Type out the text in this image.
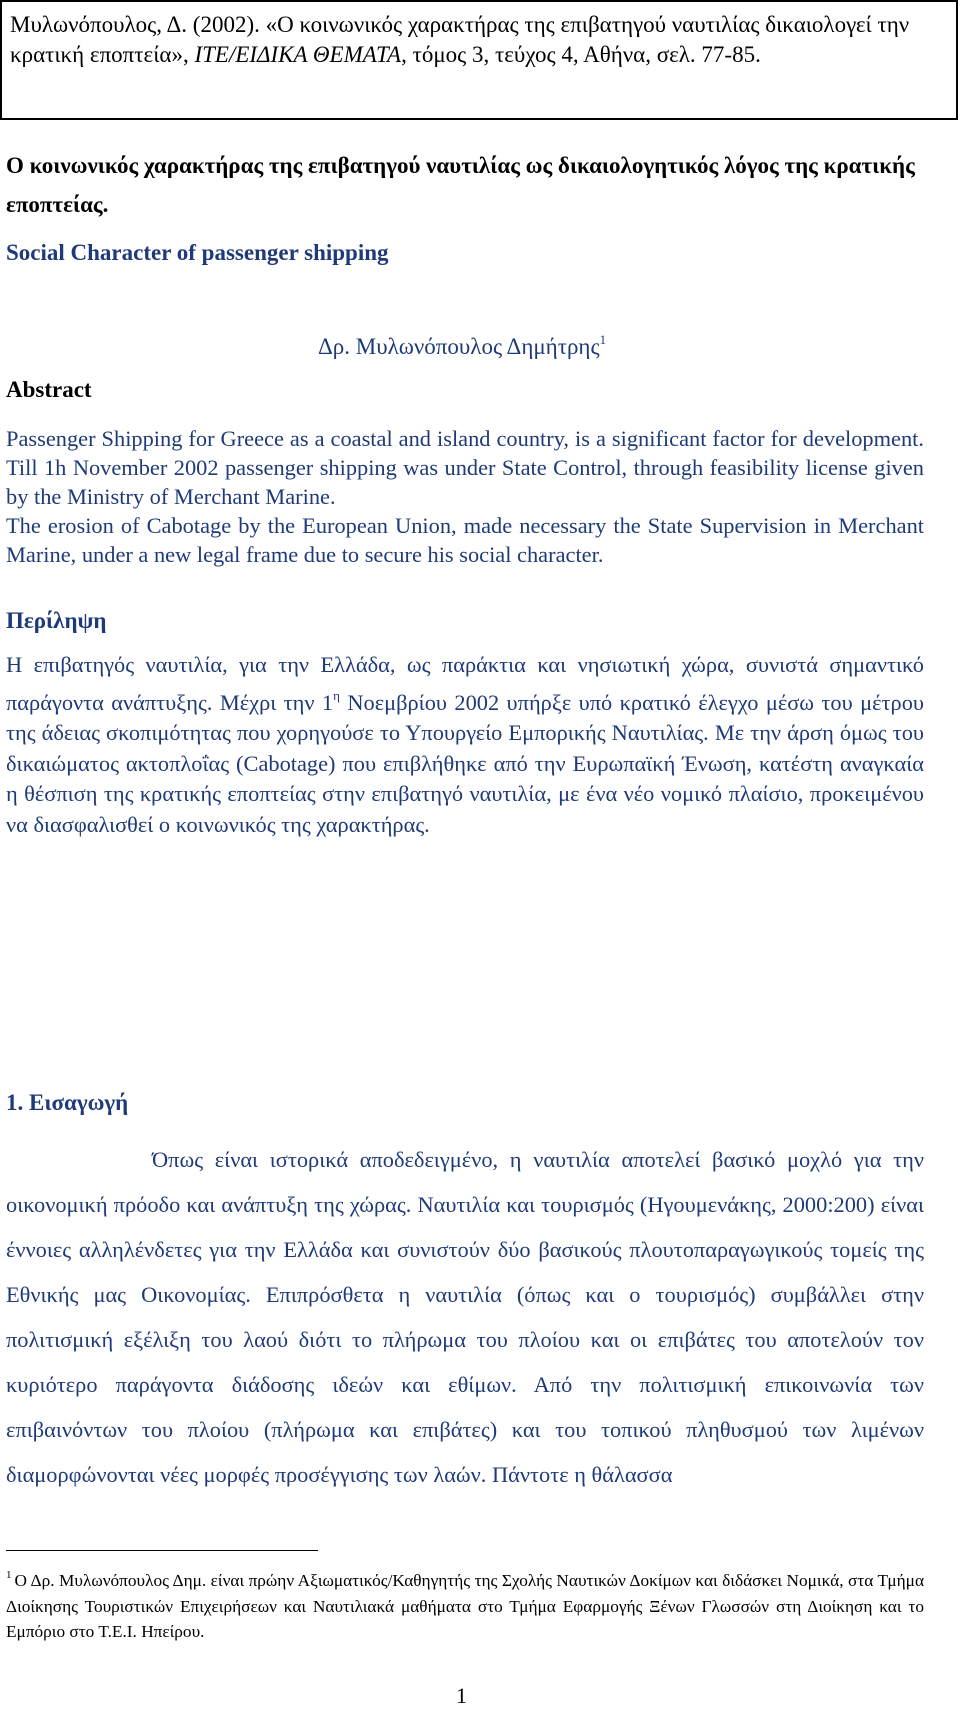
Μυλωνόπουλος, Δ. (2002). «Ο κοινωνικός χαρακτήρας της επιβατηγού ναυτιλίας δικαιολογεί την κρατική εποπτεία», ΙΤΕ/ΕΙΔΙΚΑ ΘΕΜΑΤΑ, τόμος 3, τεύχος 4, Αθήνα, σελ. 77-85.
Ο κοινωνικός χαρακτήρας της επιβατηγού ναυτιλίας ως δικαιολογητικός λόγος της κρατικής εποπτείας.
Social Character of passenger shipping
Δρ. Μυλωνόπουλος Δημήτρης$^1$
Abstract

Passenger Shipping for Greece as a coastal and island country, is a significant factor for development. Till 1h November 2002 passenger shipping was under State Control, through feasibility license given by the Ministry of Merchant Marine.

The erosion of Cabotage by the European Union, made necessary the State Supervision in Merchant Marine, under a new legal frame due to secure his social character.

Περίληψη
Η επιβατηγός ναυτιλία, για την Ελλάδα, ως παράκτια και νησιωτική χώρα, συνιστά σημαντικό παράγοντα ανάπτυξης. Μέχρι την $1^\eta$ Νοεμβρίου 2002 υπήρξε υπό κρατικό έλεγχο μέσω του μέτρου της άδειας σκοπιμότητας που χορηγούσε το Υπουργείο Εμπορικής Ναυτιλίας. Με την άρση όμως του δικαιώματος ακτοπλοΐας (Cabotage) που επιβλήθηκε από την Ευρωπαϊκή Ένωση, κατέστη αναγκαία η θέσπιση της κρατικής εποπτείας στην επιβατηγό ναυτιλία, με ένα νέο νομικό πλαίσιο, προκειμένου να διασφαλισθεί ο κοινωνικός της χαρακτήρας.
1. Εισαγωγή
Όπως είναι ιστορικά αποδεδειγμένο, η ναυτιλία αποτελεί βασικό μοχλό για την οικονομική πρόοδο και ανάπτυξη της χώρας. Ναυτιλία και τουρισμός (Ηγουμενάκης, 2000:200) είναι έννοιες αλληλένδετες για την Ελλάδα και συνιστούν δύο βασικούς πλουτοπαραγωγικούς τομείς της Εθνικής μας Οικονομίας. Επιπρόσθετα η ναυτιλία (όπως και ο τουρισμός) συμβάλλει στην πολιτισμική εξέλιξη του λαού διότι το πλήρωμα του πλοίου και οι επιβάτες του αποτελούν τον κυριότερο παράγοντα διάδοσης ιδεών και εθίμων. Από την πολιτισμική επικοινωνία των επιβαινόντων του πλοίου (πλήρωμα και επιβάτες) και του τοπικού πληθυσμού των λιμένων διαμορφώνονται νέες μορφές προσέγγισης των λαών. Πάντοτε η θάλασσα
$^1$ Ο Δρ. Μυλωνόπουλος Δημ. είναι πρώην Αξιωματικός/Καθηγητής της Σχολής Ναυτικών Δοκίμων και διδάσκει Νομικά, στα Τμήμα Διοίκησης Τουριστικών Επιχειρήσεων και Ναυτιλιακά μαθήματα στο Τμήμα Εφαρμογής Ξένων Γλωσσών στη Διοίκηση και το Εμπόριο στο Τ.Ε.Ι. Ηπείρου.
1
